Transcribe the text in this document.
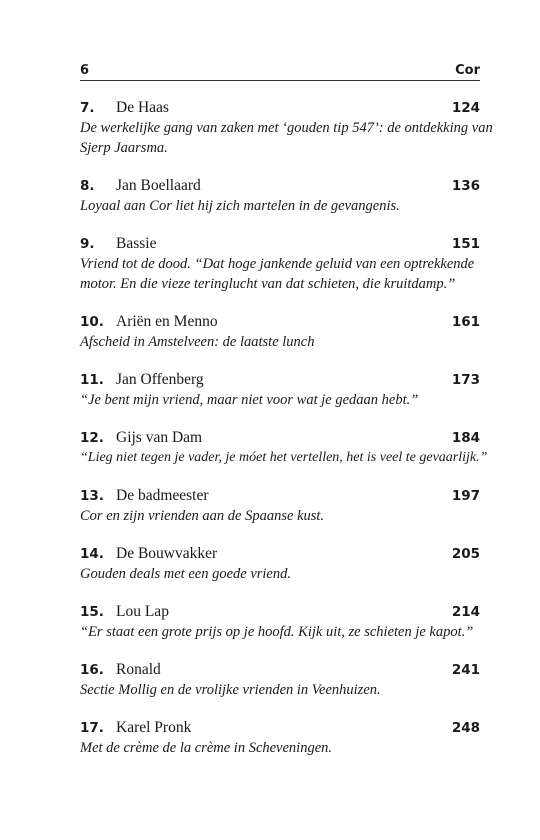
6	Cor
7.	De Haas	124
De werkelijke gang van zaken met ‘gouden tip 547’: de ontdekking van
Sjerp Jaarsma.
8.	Jan Boellaard	136
Loyaal aan Cor liet hij zich martelen in de gevangenis.
9.	Bassie	151
Vriend tot de dood. “Dat hoge jankende geluid van een optrekkende
motor. En die vieze teringlucht van dat schieten, die kruitdamp.”
10. Ariën en Menno	161
Afscheid in Amstelveen: de laatste lunch
11. Jan Offenberg	173
“Je bent mijn vriend, maar niet voor wat je gedaan hebt.”
12. Gijs van Dam	184
“Lieg niet tegen je vader, je móet het vertellen, het is veel te gevaarlijk.”
13. De badmeester	197
Cor en zijn vrienden aan de Spaanse kust.
14. De Bouwvakker	205
Gouden deals met een goede vriend.
15. Lou Lap	214
“Er staat een grote prijs op je hoofd. Kijk uit, ze schieten je kapot.”
16. Ronald	241
Sectie Mollig en de vrolijke vrienden in Veenhuizen.
17. Karel Pronk	248
Met de crème de la crème in Scheveningen.
